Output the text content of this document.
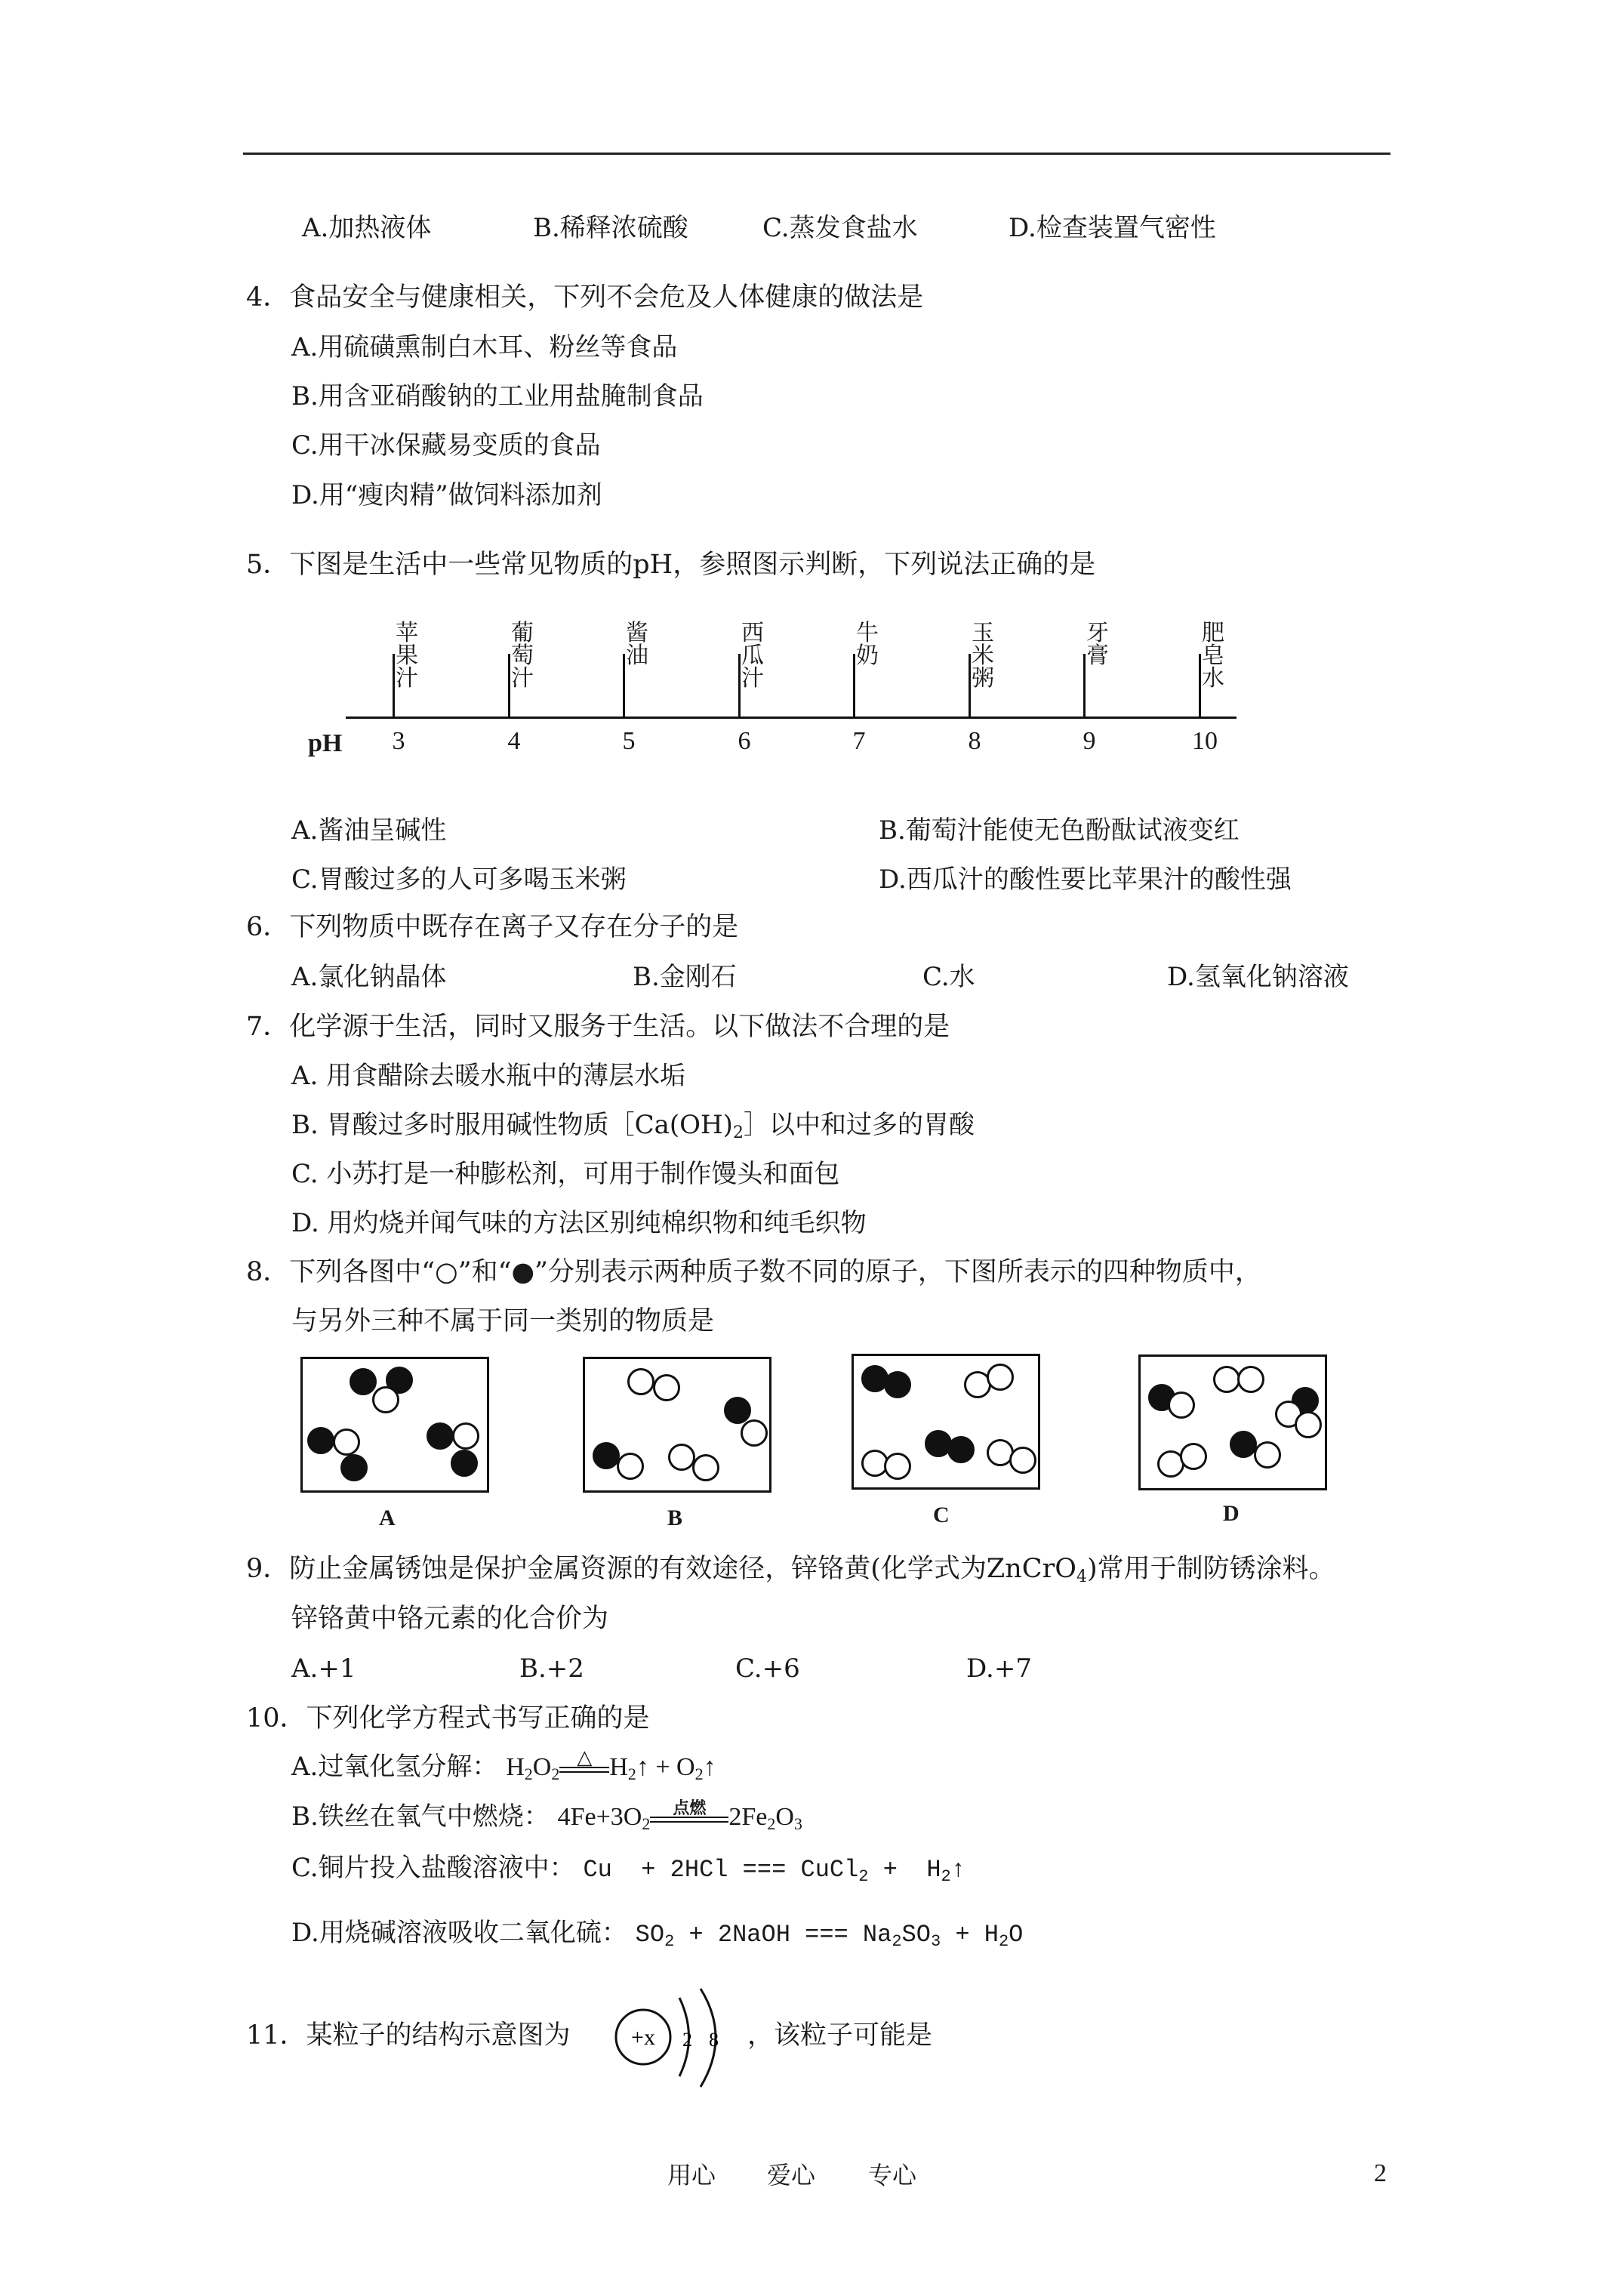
A.加热液体	B.稀释浓硫酸	C.蒸发食盐水	D.检查装置气密性
4．食品安全与健康相关，下列不会危及人体健康的做法是
A.用硫磺熏制白木耳、粉丝等食品
B.用含亚硝酸钠的工业用盐腌制食品
C.用干冰保藏易变质的食品
D.用“瘦肉精”做饲料添加剂
5．下图是生活中一些常见物质的pH，参照图示判断，下列说法正确的是
pH
苹
果
汁
3
葡
萄
汁
4
酱
油
5
西
瓜
汁
6
牛
奶
7
玉
米
粥
8
牙
膏
9
肥
皂
水
10
A.酱油呈碱性	B.葡萄汁能使无色酚酞试液变红
C.胃酸过多的人可多喝玉米粥	D.西瓜汁的酸性要比苹果汁的酸性强
6．下列物质中既存在离子又存在分子的是
A.氯化钠晶体	B.金刚石	C.水	D.氢氧化钠溶液
7．化学源于生活，同时又服务于生活。以下做法不合理的是
A. 用食醋除去暖水瓶中的薄层水垢
B. 胃酸过多时服用碱性物质$[Ca(OH)_2]$以中和过多的胃酸
C. 小苏打是一种膨松剂，可用于制作馒头和面包
D. 用灼烧并闻气味的方法区别纯棉织物和纯毛织物
8．下列各图中“○”和“●”分别表示两种质子数不同的原子，下图所表示的四种物质中，
与另外三种不属于同一类别的物质是
A	B	C	D
9．防止金属锈蚀是保护金属资源的有效途径，锌铬黄(化学式为ZnCrO$_4$)常用于制防锈涂料。
锌铬黄中铬元素的化合价为
A.+1	B.+2	C.+6	D.+7
10．下列化学方程式书写正确的是
A.过氧化氢分解： $H_2O_2$
△ $H_2↑$ + $O_2↑$
B.铁丝在氧气中燃烧： $4Fe+3O_2$
点燃 $2Fe_2O_3$
C.铜片投入盐酸溶液中： Cu  + 2HCl === CuCl$_2$ +  $H_2↑$
D.用烧碱溶液吸收二氧化硫： $SO_2$ + 2NaOH === $Na_2SO_3 + H_2O$
11．某粒子的结构示意图为	+x 2 8 ，该粒子可能是
用心 爱心 专心	2
